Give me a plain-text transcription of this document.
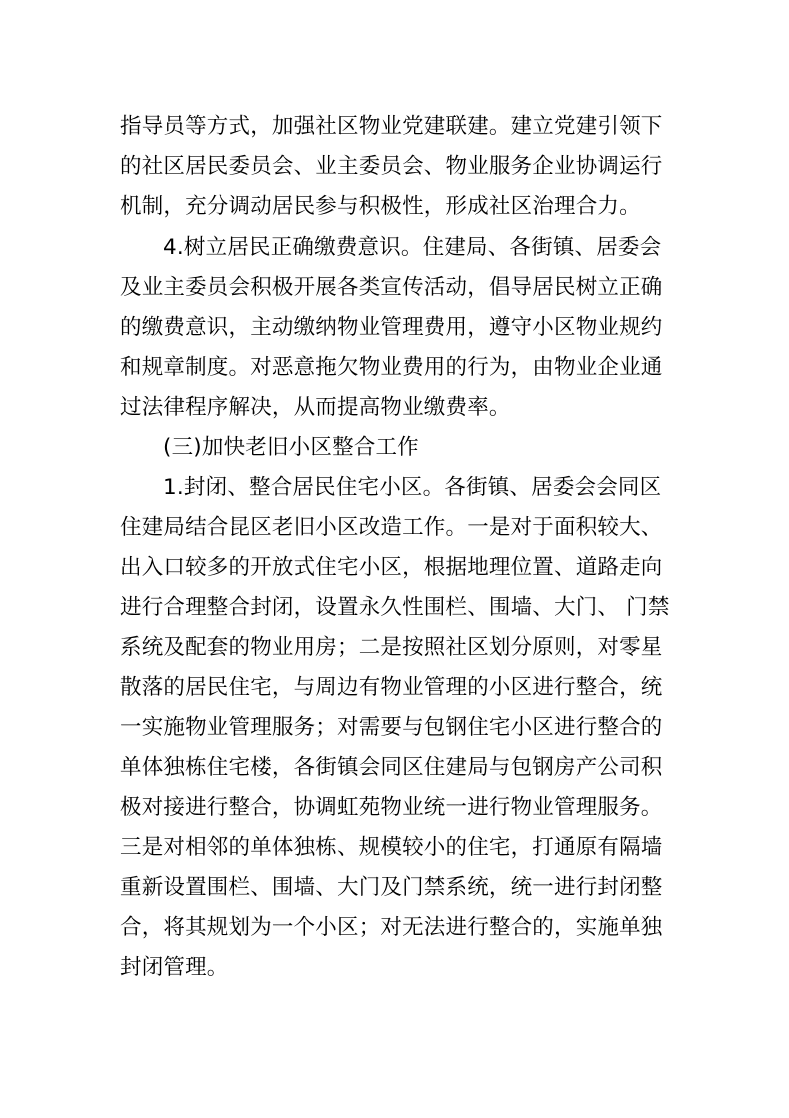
指导员等方式，加强社区物业党建联建。建立党建引领下
的社区居民委员会、业主委员会、物业服务企业协调运行
机制，充分调动居民参与积极性，形成社区治理合力。
4.树立居民正确缴费意识。住建局、各街镇、居委会
及业主委员会积极开展各类宣传活动，倡导居民树立正确
的缴费意识，主动缴纳物业管理费用，遵守小区物业规约
和规章制度。对恶意拖欠物业费用的行为，由物业企业通
过法律程序解决，从而提高物业缴费率。
(三)加快老旧小区整合工作
1.封闭、整合居民住宅小区。各街镇、居委会会同区
住建局结合昆区老旧小区改造工作。一是对于面积较大、
出入口较多的开放式住宅小区，根据地理位置、道路走向
进行合理整合封闭，设置永久性围栏、围墙、大门、 门禁
系统及配套的物业用房；二是按照社区划分原则，对零星
散落的居民住宅，与周边有物业管理的小区进行整合，统
一实施物业管理服务；对需要与包钢住宅小区进行整合的
单体独栋住宅楼，各街镇会同区住建局与包钢房产公司积
极对接进行整合，协调虹苑物业统一进行物业管理服务。
三是对相邻的单体独栋、规模较小的住宅，打通原有隔墙
重新设置围栏、围墙、大门及门禁系统，统一进行封闭整
合，将其规划为一个小区；对无法进行整合的，实施单独
封闭管理。
